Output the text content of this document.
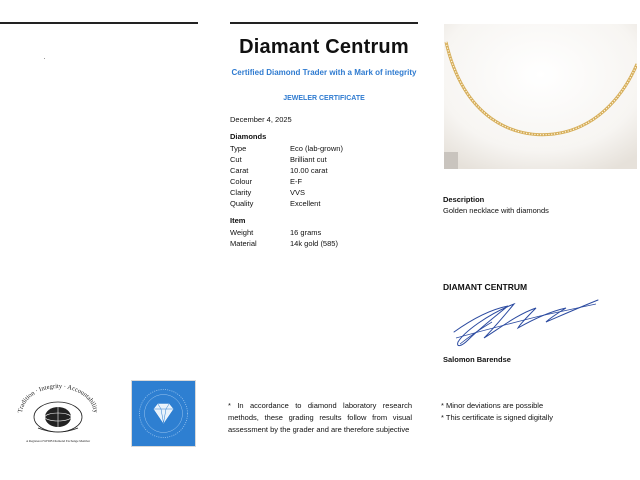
Diamant Centrum
Certified Diamond Trader with a Mark of integrity
JEWELER CERTIFICATE
December 4, 2025
Diamonds
Type	Eco (lab-grown)
Cut	Brilliant cut
Carat	10.00 carat
Colour	E-F
Clarity	VVS
Quality	Excellent
Item
Weight	16 grams
Material	14k gold (585)
Description
Golden necklace with diamonds
DIAMANT CENTRUM
Salomon Barendse
Tradition · Integrity · Accountability
A Registered WFDB Diamond Exchange Member
* In accordance to diamond laboratory research methods, these grading results follow from visual assessment by the grader and are therefore subjective
* Minor deviations are possible
* This certificate is signed digitally
